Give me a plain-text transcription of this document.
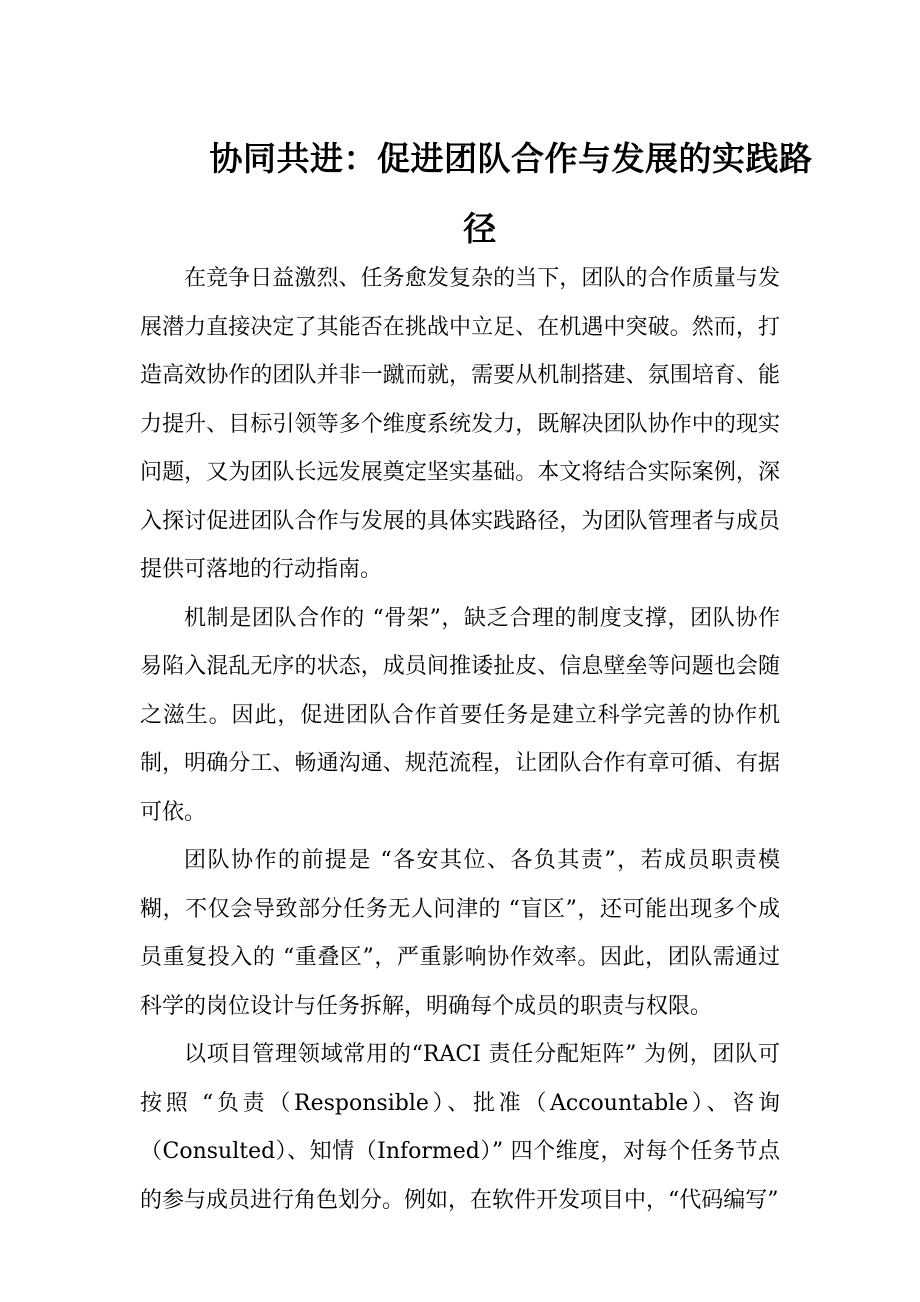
协同共进：促进团队合作与发展的实践路径

在竞争日益激烈、任务愈发复杂的当下，团队的合作质量与发展潜力直接决定了其能否在挑战中立足、在机遇中突破。然而，打造高效协作的团队并非一蹴而就，需要从机制搭建、氛围培育、能力提升、目标引领等多个维度系统发力，既解决团队协作中的现实问题，又为团队长远发展奠定坚实基础。本文将结合实际案例，深入探讨促进团队合作与发展的具体实践路径，为团队管理者与成员提供可落地的行动指南。

机制是团队合作的 “骨架”，缺乏合理的制度支撑，团队协作易陷入混乱无序的状态，成员间推诿扯皮、信息壁垒等问题也会随之滋生。因此，促进团队合作首要任务是建立科学完善的协作机制，明确分工、畅通沟通、规范流程，让团队合作有章可循、有据可依。

团队协作的前提是 “各安其位、各负其责”，若成员职责模糊，不仅会导致部分任务无人问津的 “盲区”，还可能出现多个成员重复投入的 “重叠区”，严重影响协作效率。因此，团队需通过科学的岗位设计与任务拆解，明确每个成员的职责与权限。

以项目管理领域常用的“RACI 责任分配矩阵” 为例，团队可按照 “负责（Responsible）、批准（Accountable）、咨询（Consulted）、知情（Informed）” 四个维度，对每个任务节点的参与成员进行角色划分。例如，在软件开发项目中，“代码编写”
